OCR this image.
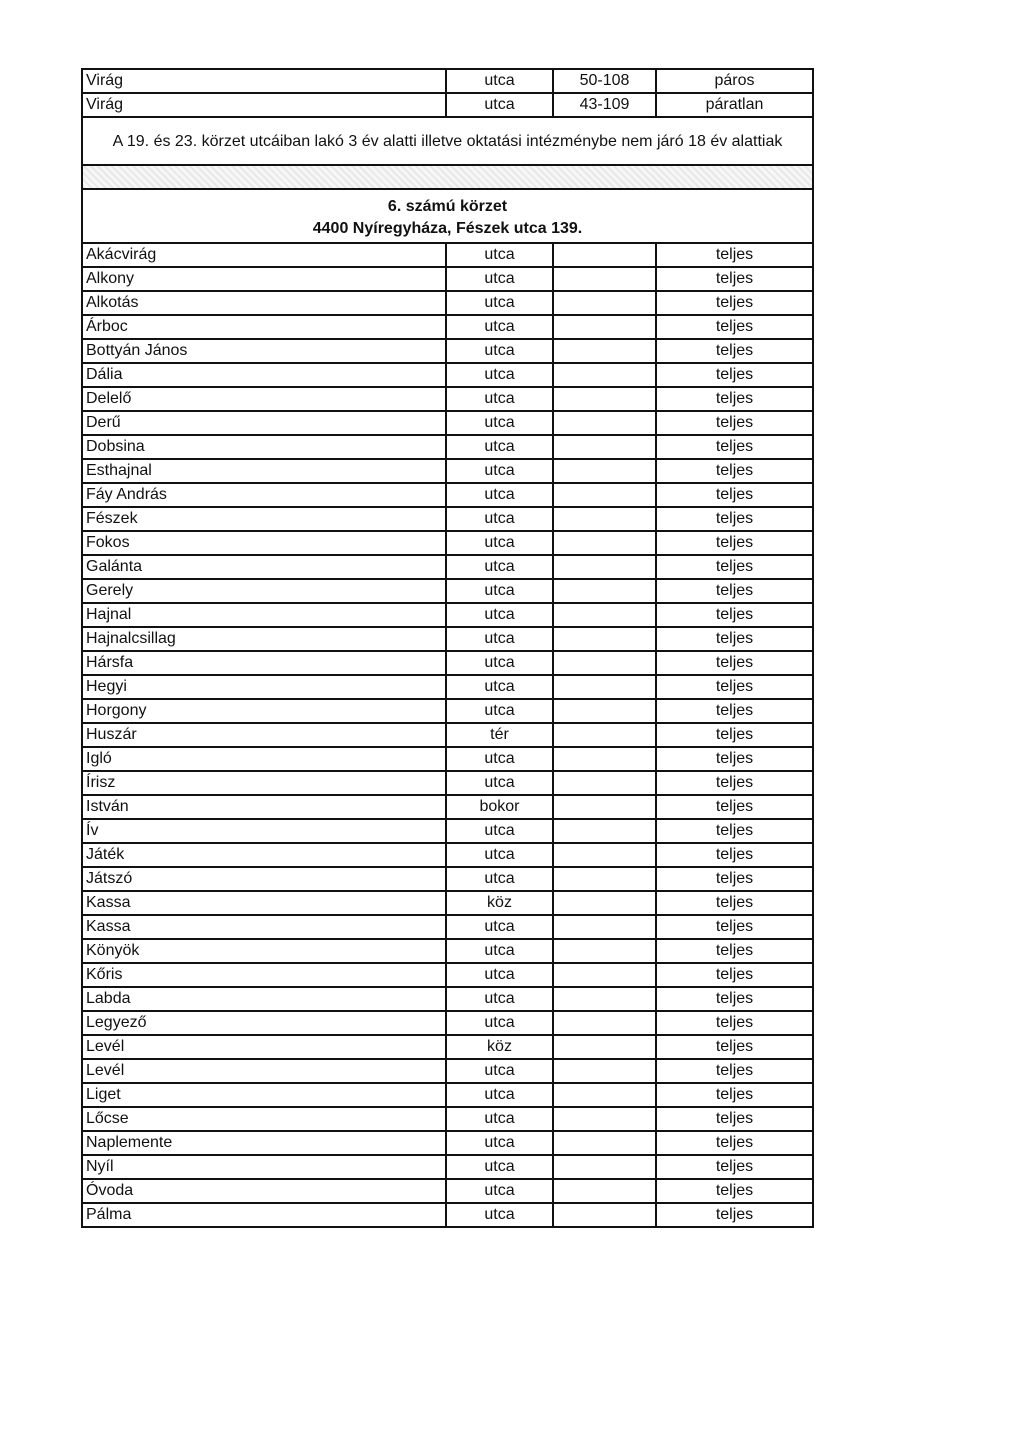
Virág	utca	50-108	páros
Virág	utca	43-109	páratlan
A 19. és 23. körzet utcáiban lakó 3 év alatti illetve oktatási intézménybe nem járó 18 év alattiak			

6. számú körzet
4400 Nyíregyháza, Fészek utca 139.			

Akácvirág	utca		teljes
Alkony	utca		teljes
Alkotás	utca		teljes
Árboc	utca		teljes
Bottyán János	utca		teljes
Dália	utca		teljes
Delelő	utca		teljes
Derű	utca		teljes
Dobsina	utca		teljes
Esthajnal	utca		teljes
Fáy András	utca		teljes
Fészek	utca		teljes
Fokos	utca		teljes
Galánta	utca		teljes
Gerely	utca		teljes
Hajnal	utca		teljes
Hajnalcsillag	utca		teljes
Hársfa	utca		teljes
Hegyi	utca		teljes
Horgony	utca		teljes
Huszár	tér		teljes
Igló	utca		teljes
Írisz	utca		teljes
István	bokor		teljes
Ív	utca		teljes
Játék	utca		teljes
Játszó	utca		teljes
Kassa	köz		teljes
Kassa	utca		teljes
Könyök	utca		teljes
Kőris	utca		teljes
Labda	utca		teljes
Legyező	utca		teljes
Levél	köz		teljes
Levél	utca		teljes
Liget	utca		teljes
Lőcse	utca		teljes
Naplemente	utca		teljes
Nyíl	utca		teljes
Óvoda	utca		teljes
Pálma	utca		teljes
